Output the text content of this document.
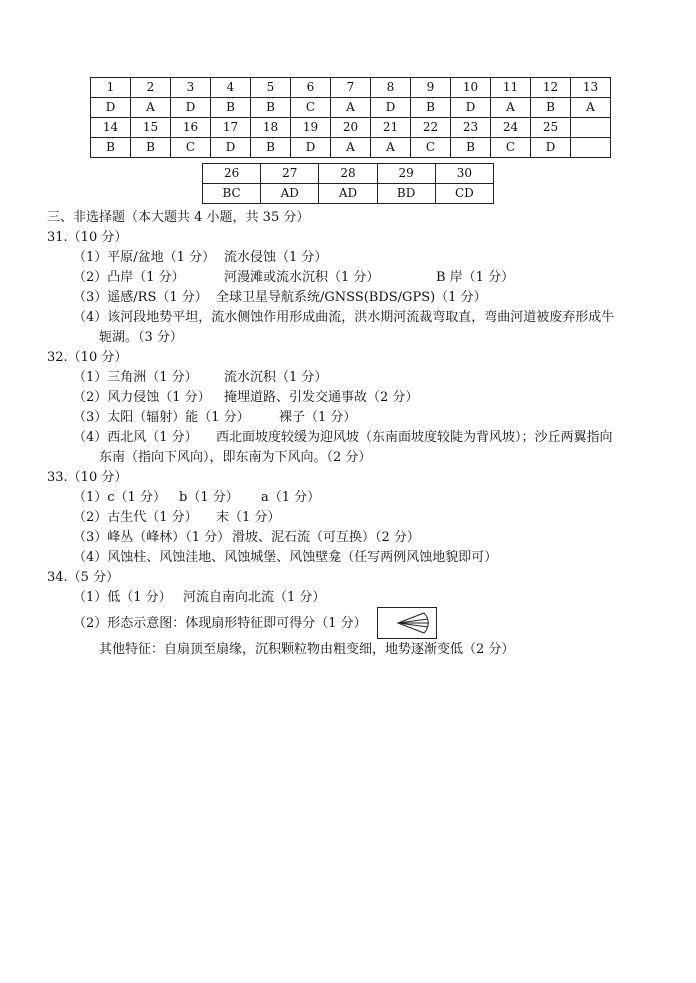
1	2	3	4	5	6	7	8	9	10	11	12	13
D	A	D	B	B	C	A	D	B	D	A	B	A
14	15	16	17	18	19	20	21	22	23	24	25	
B	B	C	D	B	D	A	A	C	B	C	D	
26	27	28	29	30
BC	AD	AD	BD	CD
三、非选择题（本大题共 4 小题，共 35 分）
31.（10 分）
（1）平原/盆地（1 分） 流水侵蚀（1 分）
（2）凸岸（1 分）	河漫滩或流水沉积（1 分）	B 岸（1 分）
（3）遥感/RS（1 分） 全球卫星导航系统/GNSS(BDS/GPS)（1 分）
（4）该河段地势平坦，流水侧蚀作用形成曲流，洪水期河流裁弯取直，弯曲河道被废弃形成牛
轭湖。（3 分）
32.（10 分）
（1）三角洲（1 分） 流水沉积（1 分）
（2）风力侵蚀（1 分） 掩埋道路、引发交通事故（2 分）
（3）太阳（辐射）能（1 分） 裸子（1 分）
（4）西北风（1 分） 西北面坡度较缓为迎风坡（东南面坡度较陡为背风坡）；沙丘两翼指向
东南（指向下风向），即东南为下风向。（2 分）
33.（10 分）
（1）c（1 分） b（1 分） a（1 分）
（2）古生代（1 分） 末（1 分）
（3）峰丛（峰林）（1 分） 滑坡、泥石流（可互换）（2 分）
（4）风蚀柱、风蚀洼地、风蚀城堡、风蚀壁龛（任写两例风蚀地貌即可）
34.（5 分）
（1）低（1 分） 河流自南向北流（1 分）
（2）形态示意图：体现扇形特征即可得分（1 分）
其他特征：自扇顶至扇缘，沉积颗粒物由粗变细，地势逐渐变低（2 分）
